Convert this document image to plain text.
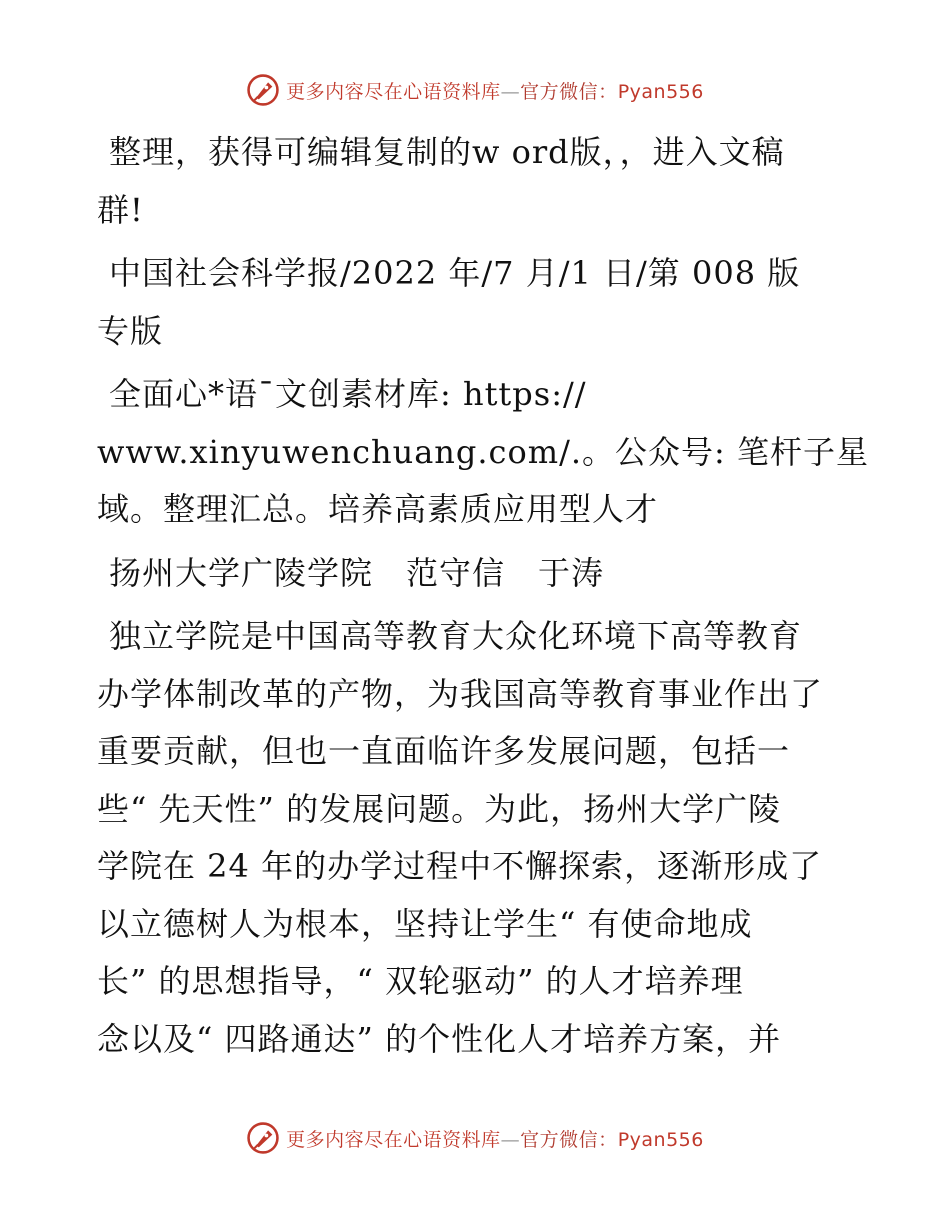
更多内容尽在心语资料库—官方微信：Pyan556

整理，获得可编辑复制的w ord版，，进入文稿
群!

中国社会科学报/2022 年/7 月/1 日/第 008 版
专版

全面心*语¯文创素材库: https://
www.xinyuwenchuang.com/.。公众号: 笔杆子星
域。整理汇总。培养高素质应用型人才

扬州大学广陵学院　范守信　于涛

独立学院是中国高等教育大众化环境下高等教育
办学体制改革的产物，为我国高等教育事业作出了
重要贡献，但也一直面临许多发展问题，包括一
些“ 先天性” 的发展问题。为此，扬州大学广陵
学院在 24 年的办学过程中不懈探索，逐渐形成了
以立德树人为根本，坚持让学生“ 有使命地成
长” 的思想指导，“ 双轮驱动” 的人才培养理
念以及“ 四路通达” 的个性化人才培养方案，并

更多内容尽在心语资料库—官方微信：Pyan556
